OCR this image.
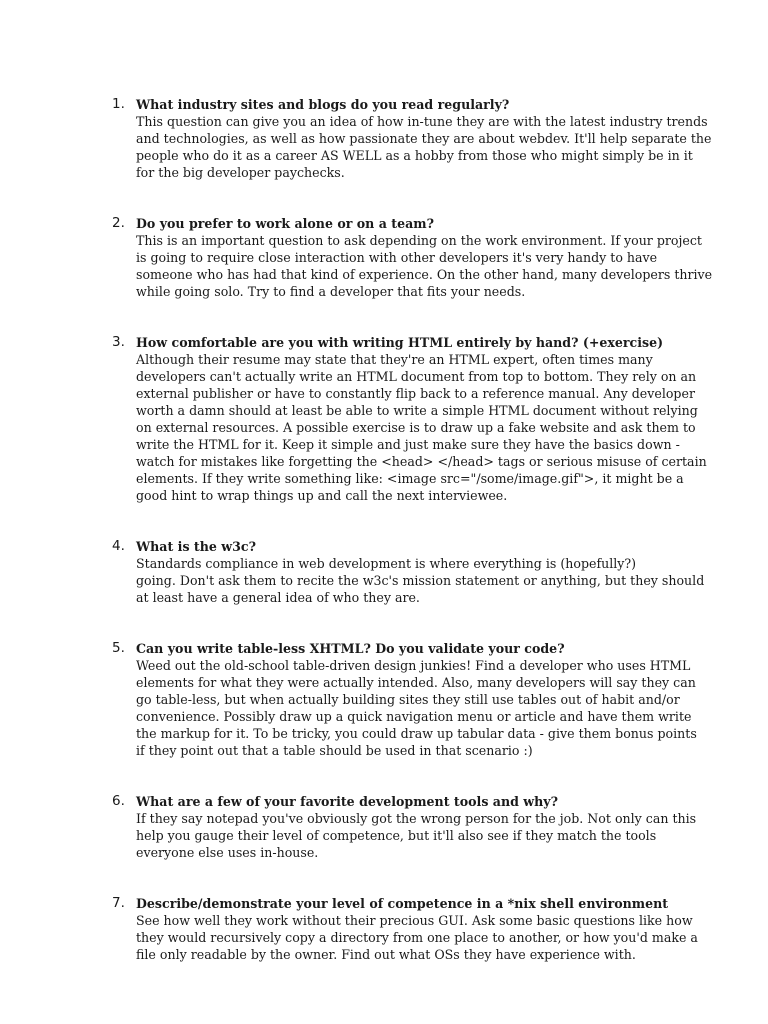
1. What industry sites and blogs do you read regularly?
This question can give you an idea of how in-tune they are with the latest industry trends
and technologies, as well as how passionate they are about webdev. It'll help separate the
people who do it as a career AS WELL as a hobby from those who might simply be in it
for the big developer paychecks.
2. Do you prefer to work alone or on a team?
This is an important question to ask depending on the work environment. If your project
is going to require close interaction with other developers it's very handy to have
someone who has had that kind of experience. On the other hand, many developers thrive
while going solo. Try to find a developer that fits your needs.
3. How comfortable are you with writing HTML entirely by hand? (+exercise)
Although their resume may state that they're an HTML expert, often times many
developers can't actually write an HTML document from top to bottom. They rely on an
external publisher or have to constantly flip back to a reference manual. Any developer
worth a damn should at least be able to write a simple HTML document without relying
on external resources. A possible exercise is to draw up a fake website and ask them to
write the HTML for it. Keep it simple and just make sure they have the basics down -
watch for mistakes like forgetting the <head> </head> tags or serious misuse of certain
elements. If they write something like: <image src="/some/image.gif">, it might be a
good hint to wrap things up and call the next interviewee.
4. What is the w3c?
Standards compliance in web development is where everything is (hopefully?)
going. Don't ask them to recite the w3c's mission statement or anything, but they should
at least have a general idea of who they are.
5. Can you write table-less XHTML? Do you validate your code?
Weed out the old-school table-driven design junkies! Find a developer who uses HTML
elements for what they were actually intended. Also, many developers will say they can
go table-less, but when actually building sites they still use tables out of habit and/or
convenience. Possibly draw up a quick navigation menu or article and have them write
the markup for it. To be tricky, you could draw up tabular data - give them bonus points
if they point out that a table should be used in that scenario :)
6. What are a few of your favorite development tools and why?
If they say notepad you've obviously got the wrong person for the job. Not only can this
help you gauge their level of competence, but it'll also see if they match the tools
everyone else uses in-house.
7. Describe/demonstrate your level of competence in a *nix shell environment
See how well they work without their precious GUI. Ask some basic questions like how
they would recursively copy a directory from one place to another, or how you'd make a
file only readable by the owner. Find out what OSs they have experience with.
